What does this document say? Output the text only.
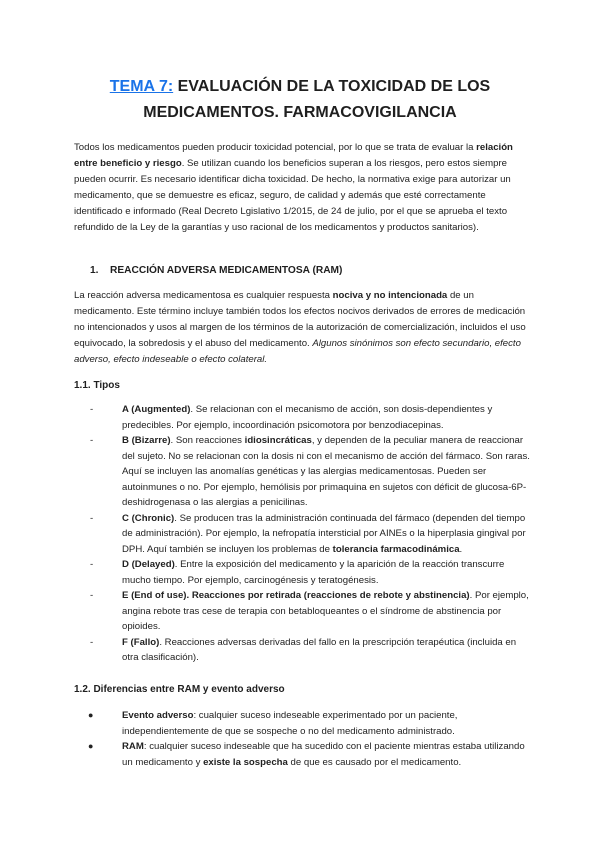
TEMA 7: EVALUACIÓN DE LA TOXICIDAD DE LOS
MEDICAMENTOS. FARMACOVIGILANCIA

Todos los medicamentos pueden producir toxicidad potencial, por lo que se trata de evaluar la relación entre beneficio y riesgo. Se utilizan cuando los beneficios superan a los riesgos, pero estos siempre pueden ocurrir. Es necesario identificar dicha toxicidad. De hecho, la normativa exige para autorizar un medicamento, que se demuestre es eficaz, seguro, de calidad y además que esté correctamente identificado e informado (Real Decreto Lgislativo 1/2015, de 24 de julio, por el que se aprueba el texto refundido de la Ley de la garantías y uso racional de los medicamentos y productos sanitarios).

1. REACCIÓN ADVERSA MEDICAMENTOSA (RAM)

La reacción adversa medicamentosa es cualquier respuesta nociva y no intencionada de un medicamento. Este término incluye también todos los efectos nocivos derivados de errores de medicación no intencionados y usos al margen de los términos de la autorización de comercialización, incluidos el uso equivocado, la sobredosis y el abuso del medicamento. Algunos sinónimos son efecto secundario, efecto adverso, efecto indeseable o efecto colateral.

1.1. Tipos

-	A (Augmented). Se relacionan con el mecanismo de acción, son dosis-dependientes y predecibles. Por ejemplo, incoordinación psicomotora por benzodiacepinas.
-	B (Bizarre). Son reacciones idiosincráticas, y dependen de la peculiar manera de reaccionar del sujeto. No se relacionan con la dosis ni con el mecanismo de acción del fármaco. Son raras. Aquí se incluyen las anomalías genéticas y las alergias medicamentosas. Pueden ser autoinmunes o no. Por ejemplo, hemólisis por primaquina en sujetos con déficit de glucosa-6P-deshidrogenasa o las alergias a penicilinas.
-	C (Chronic). Se producen tras la administración continuada del fármaco (dependen del tiempo de administración). Por ejemplo, la nefropatía intersticial por AINEs o la hiperplasia gingival por DPH. Aquí también se incluyen los problemas de tolerancia farmacodinámica.
-	D (Delayed). Entre la exposición del medicamento y la aparición de la reacción transcurre mucho tiempo. Por ejemplo, carcinogénesis y teratogénesis.
-	E (End of use). Reacciones por retirada (reacciones de rebote y abstinencia). Por ejemplo, angina rebote tras cese de terapia con betabloqueantes o el síndrome de abstinencia por opioides.
-	F (Fallo). Reacciones adversas derivadas del fallo en la prescripción terapéutica (incluida en otra clasificación).

1.2. Diferencias entre RAM y evento adverso

●	Evento adverso: cualquier suceso indeseable experimentado por un paciente, independientemente de que se sospeche o no del medicamento administrado.
●	RAM: cualquier suceso indeseable que ha sucedido con el paciente mientras estaba utilizando un medicamento y existe la sospecha de que es causado por el medicamento.
